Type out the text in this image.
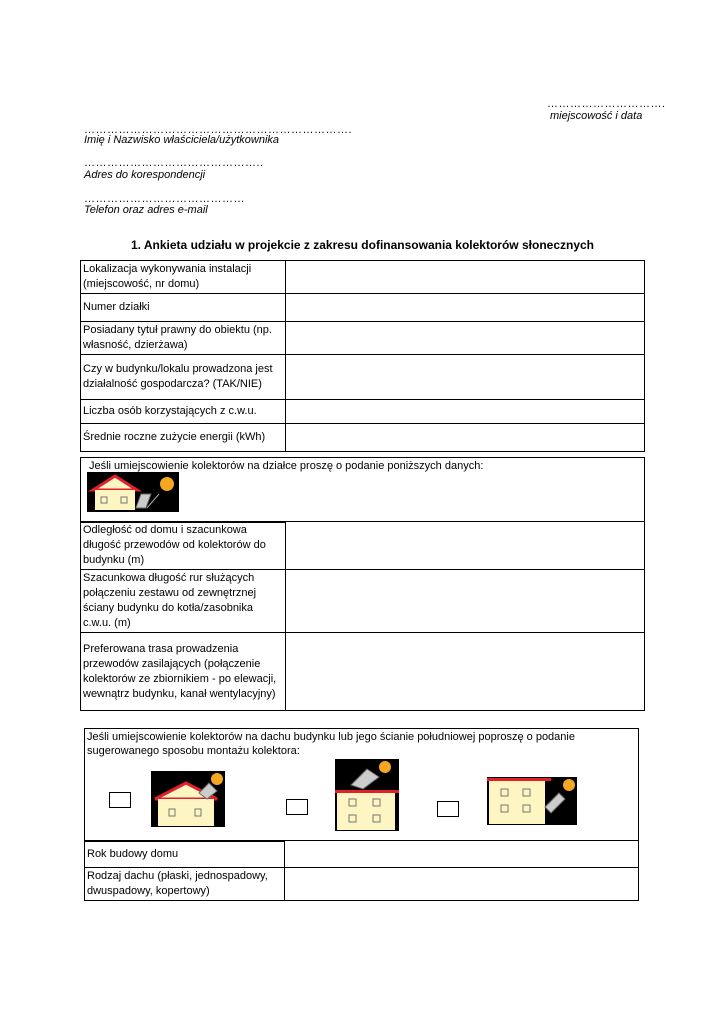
………………………….
miejscowość i data
…………………………………………………………….
Imię i Nazwisko właściciela/użytkownika
………………………………………..
Adres do korespondencji
……………………………………
Telefon oraz adres e-mail
1. Ankieta udziału w projekcie z zakresu dofinansowania kolektorów słonecznych
Lokalizacja wykonywania instalacji (miejscowość, nr domu)	
Numer działki	
Posiadany tytuł prawny do obiektu (np. własność, dzierżawa)	
Czy w budynku/lokalu prowadzona jest działalność gospodarcza? (TAK/NIE)	
Liczba osób korzystających z c.w.u.	
Średnie roczne zużycie energii (kWh)	
Jeśli umiejscowienie kolektorów na działce proszę o podanie poniższych danych:
Odległość od domu i szacunkowa długość przewodów od kolektorów do budynku (m)	
Szacunkowa długość rur służących połączeniu zestawu od zewnętrznej ściany budynku do kotła/zasobnika c.w.u. (m)	
Preferowana trasa prowadzenia przewodów zasilających (połączenie kolektorów ze zbiornikiem - po elewacji, wewnątrz budynku, kanał wentylacyjny)	
Jeśli umiejscowienie kolektorów na dachu budynku lub jego ścianie południowej poproszę o podanie sugerowanego sposobu montażu kolektora:
Rok budowy domu	
Rodzaj dachu (płaski, jednospadowy, dwuspadowy, kopertowy)	
